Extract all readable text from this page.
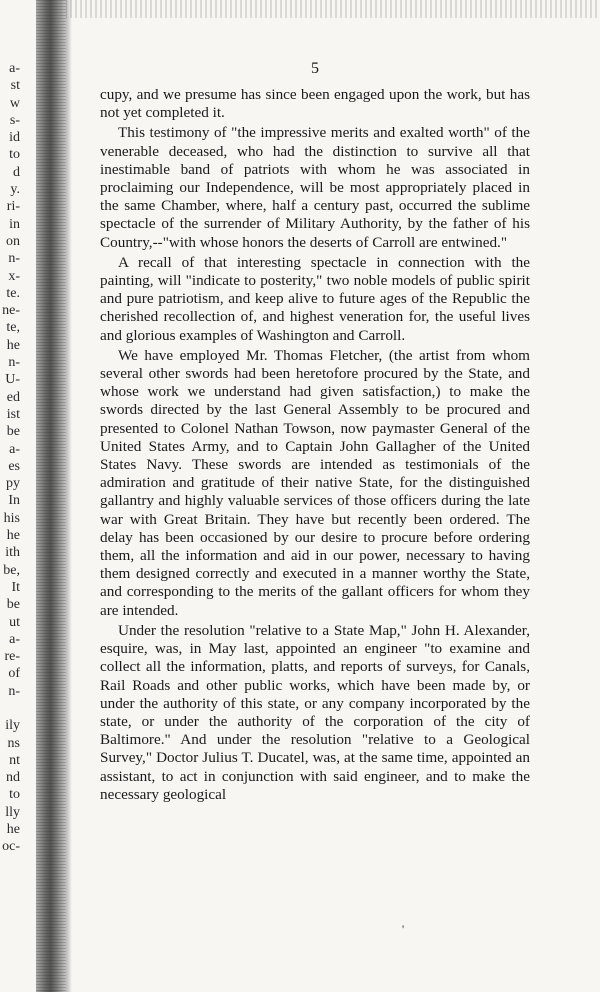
a-
st
w
s-
id
to
d
y.
ri-
in
on
n-
x-
te.
ne-
te,
he
n-
U-
ed
ist
be
a-
es
py
In
his
he
ith
be,
It
be
ut
a-
re-
of
n-

ily
ns
nt
nd
to
lly
he
oc-
5

cupy, and we presume has since been engaged upon the work, but has not yet completed it.

This testimony of "the impressive merits and exalted worth" of the venerable deceased, who had the distinction to survive all that inestimable band of patriots with whom he was associated in proclaiming our Independence, will be most appropriately placed in the same Chamber, where, half a century past, occurred the sublime spectacle of the surrender of Military Authority, by the father of his Country,--"with whose honors the deserts of Carroll are entwined."

A recall of that interesting spectacle in connection with the painting, will "indicate to posterity," two noble models of public spirit and pure patriotism, and keep alive to future ages of the Republic the cherished recollection of, and highest veneration for, the useful lives and glorious examples of Washington and Carroll.

We have employed Mr. Thomas Fletcher, (the artist from whom several other swords had been heretofore procured by the State, and whose work we understand had given satisfaction,) to make the swords directed by the last General Assembly to be procured and presented to Colonel Nathan Towson, now paymaster General of the United States Army, and to Captain John Gallagher of the United States Navy. These swords are intended as testimonials of the admiration and gratitude of their native State, for the distinguished gallantry and highly valuable services of those officers during the late war with Great Britain. They have but recently been ordered. The delay has been occasioned by our desire to procure before ordering them, all the information and aid in our power, necessary to having them designed correctly and executed in a manner worthy the State, and corresponding to the merits of the gallant officers for whom they are intended.

Under the resolution "relative to a State Map," John H. Alexander, esquire, was, in May last, appointed an engineer "to examine and collect all the information, platts, and reports of surveys, for Canals, Rail Roads and other public works, which have been made by, or under the authority of this state, or any company incorporated by the state, or under the authority of the corporation of the city of Baltimore." And under the resolution "relative to a Geological Survey," Doctor Julius T. Ducatel, was, at the same time, appointed an assistant, to act in conjunction with said engineer, and to make the necessary geological

'
